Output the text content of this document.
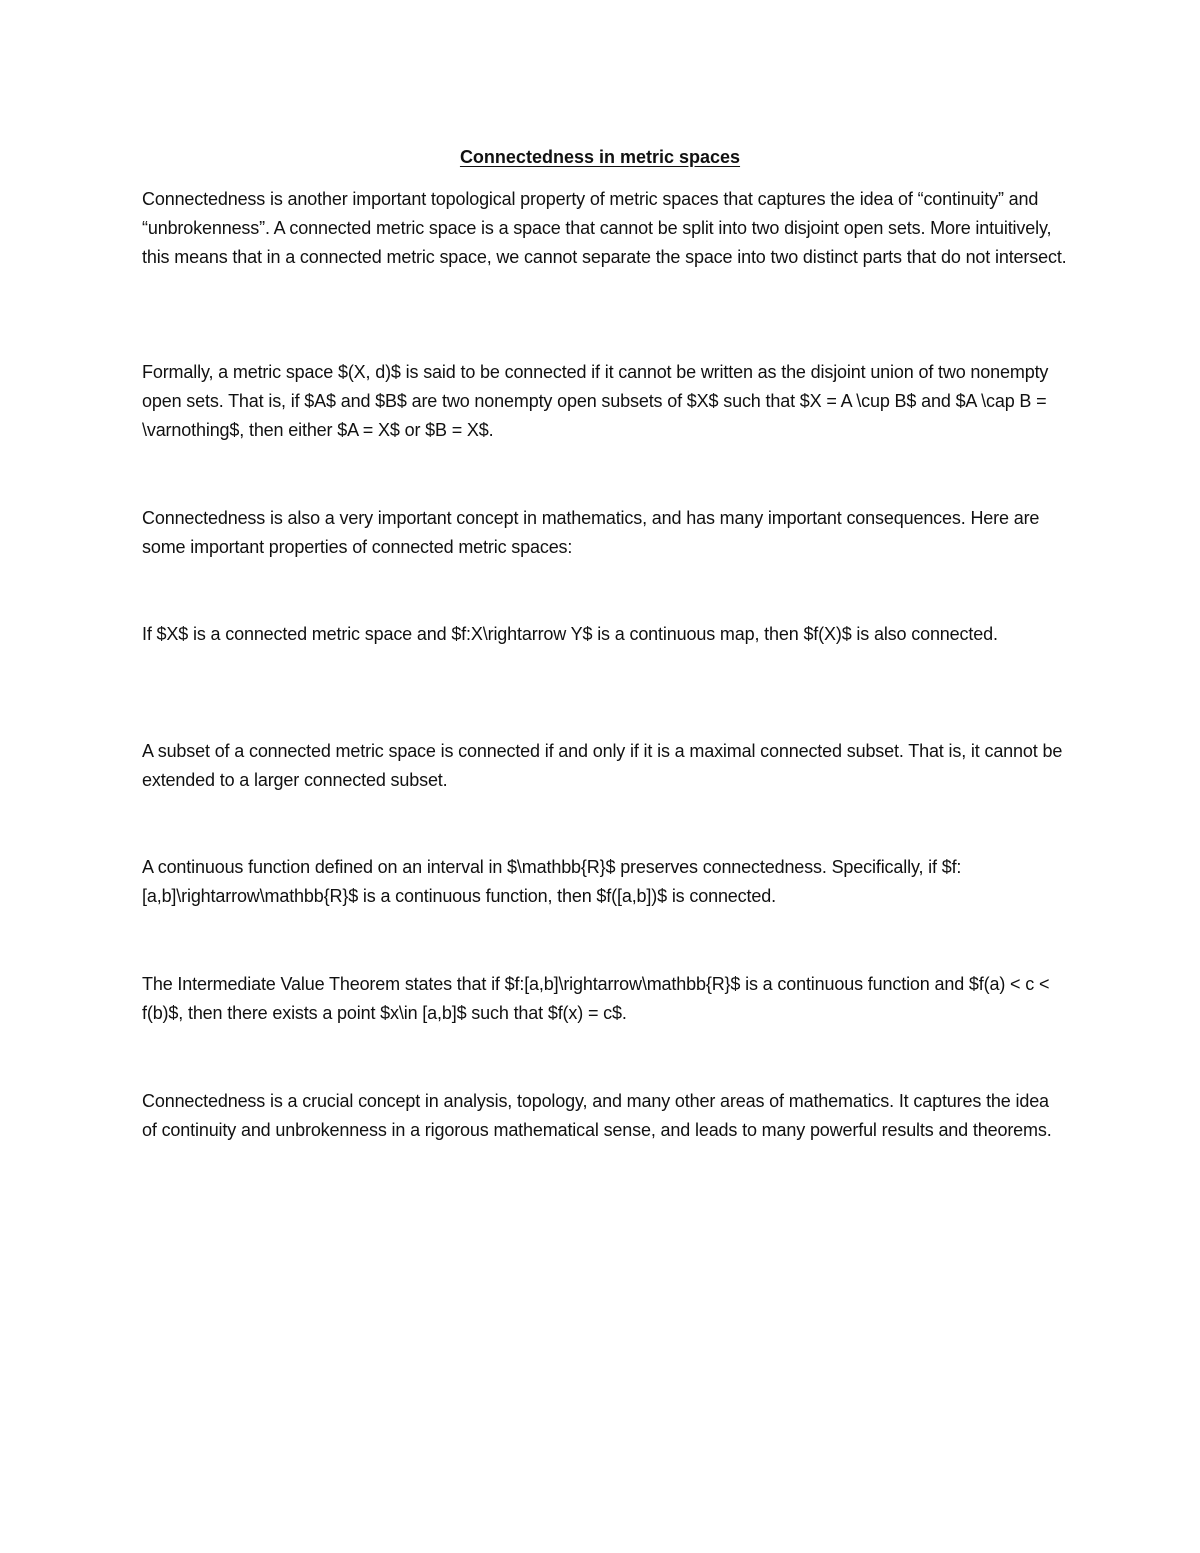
Connectedness in metric spaces

Connectedness is another important topological property of metric spaces that captures the idea of “continuity” and “unbrokenness”. A connected metric space is a space that cannot be split into two disjoint open sets. More intuitively, this means that in a connected metric space, we cannot separate the space into two distinct parts that do not intersect.

Formally, a metric space $(X, d)$ is said to be connected if it cannot be written as the disjoint union of two nonempty open sets. That is, if $A$ and $B$ are two nonempty open subsets of $X$ such that $X = A \cup B$ and $A \cap B = \varnothing$, then either $A = X$ or $B = X$.

Connectedness is also a very important concept in mathematics, and has many important consequences. Here are some important properties of connected metric spaces:

If $X$ is a connected metric space and $f:X\rightarrow Y$ is a continuous map, then $f(X)$ is also connected.

A subset of a connected metric space is connected if and only if it is a maximal connected subset. That is, it cannot be extended to a larger connected subset.

A continuous function defined on an interval in $\mathbb{R}$ preserves connectedness. Specifically, if $f:[a,b]\rightarrow\mathbb{R}$ is a continuous function, then $f([a,b])$ is connected.

The Intermediate Value Theorem states that if $f:[a,b]\rightarrow\mathbb{R}$ is a continuous function and $f(a) < c < f(b)$, then there exists a point $x\in [a,b]$ such that $f(x) = c$.

Connectedness is a crucial concept in analysis, topology, and many other areas of mathematics. It captures the idea of continuity and unbrokenness in a rigorous mathematical sense, and leads to many powerful results and theorems.
